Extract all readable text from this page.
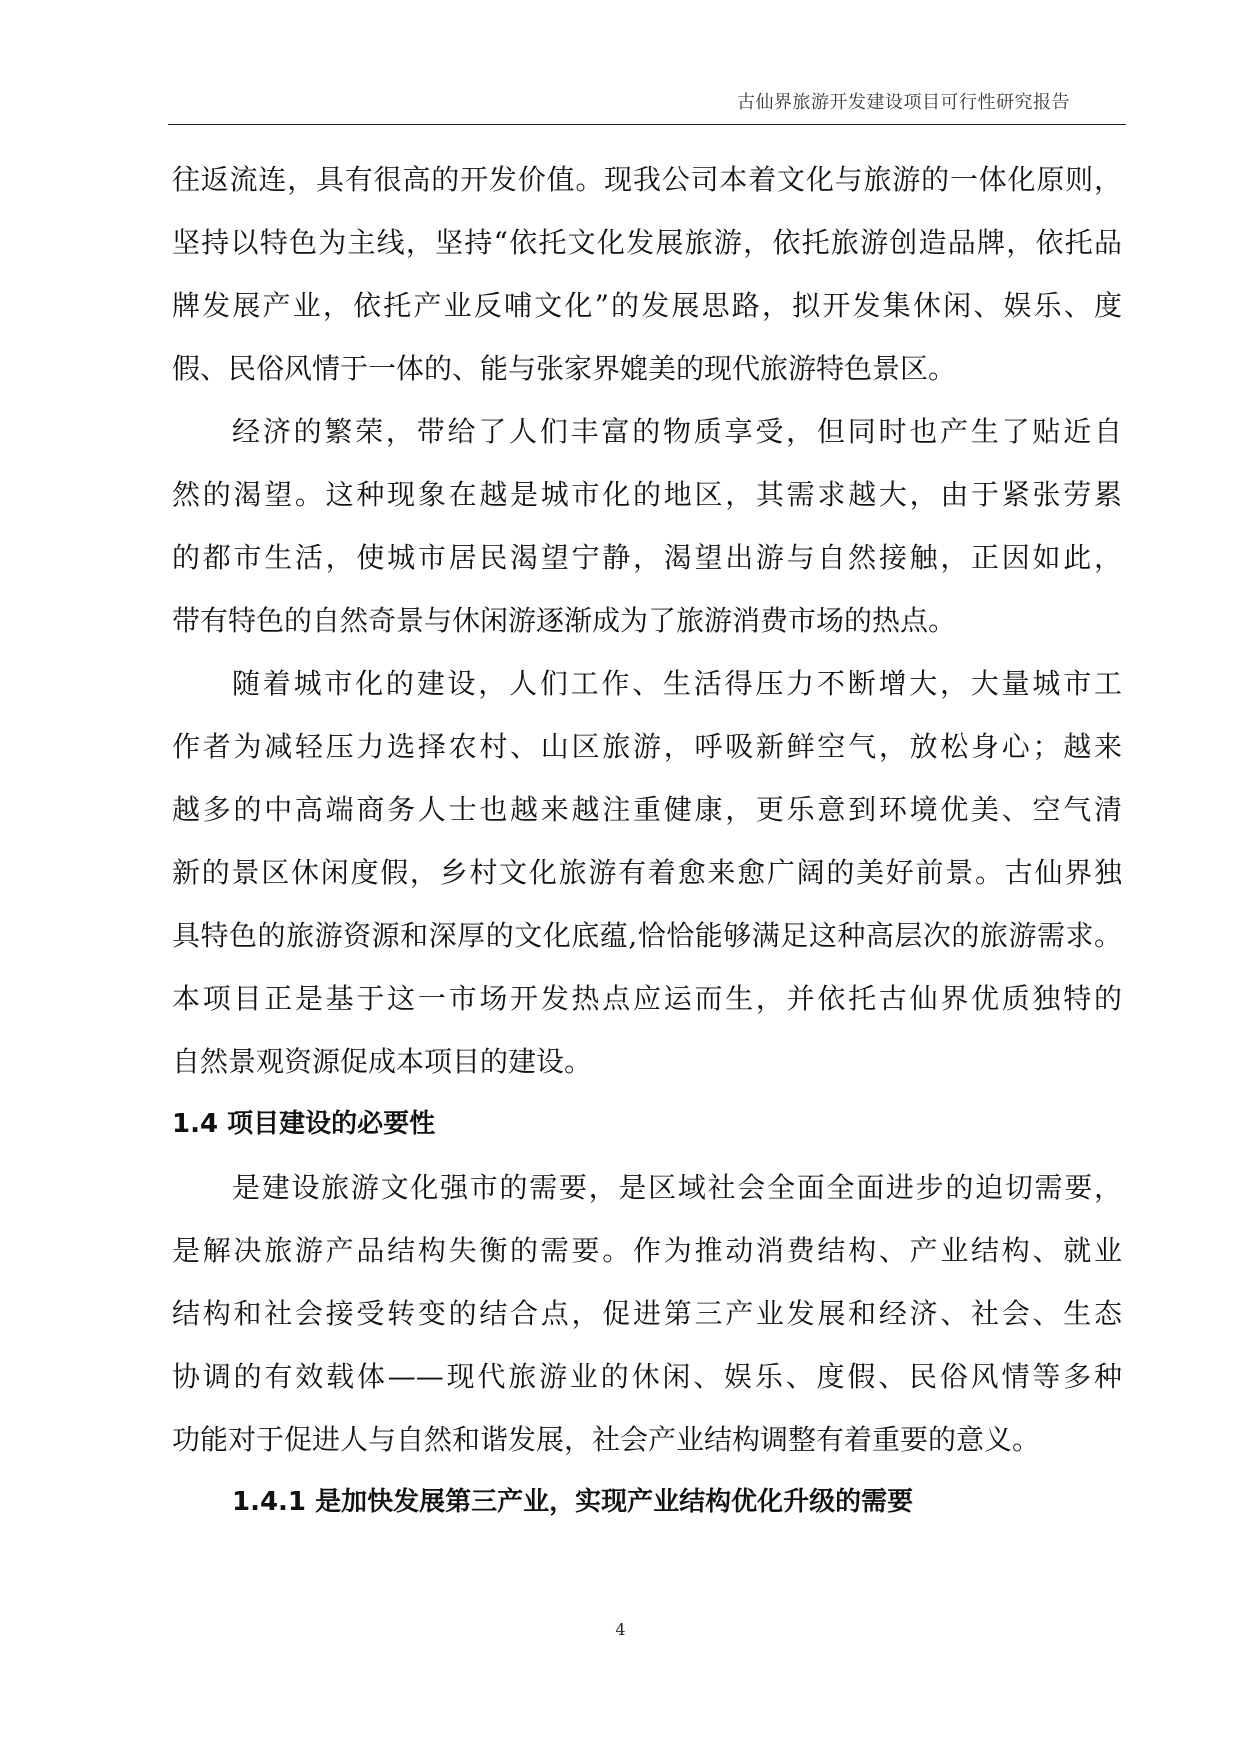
古仙界旅游开发建设项目可行性研究报告
往返流连，具有很高的开发价值。现我公司本着文化与旅游的一体化原则，
坚持以特色为主线，坚持“依托文化发展旅游，依托旅游创造品牌，依托品
牌发展产业，依托产业反哺文化”的发展思路，拟开发集休闲、娱乐、度
假、民俗风情于一体的、能与张家界媲美的现代旅游特色景区。
经济的繁荣，带给了人们丰富的物质享受，但同时也产生了贴近自
然的渴望。这种现象在越是城市化的地区，其需求越大，由于紧张劳累
的都市生活，使城市居民渴望宁静，渴望出游与自然接触，正因如此，
带有特色的自然奇景与休闲游逐渐成为了旅游消费市场的热点。
随着城市化的建设，人们工作、生活得压力不断增大，大量城市工
作者为减轻压力选择农村、山区旅游，呼吸新鲜空气，放松身心；越来
越多的中高端商务人士也越来越注重健康，更乐意到环境优美、空气清
新的景区休闲度假，乡村文化旅游有着愈来愈广阔的美好前景。古仙界独
具特色的旅游资源和深厚的文化底蕴,恰恰能够满足这种高层次的旅游需求。
本项目正是基于这一市场开发热点应运而生，并依托古仙界优质独特的
自然景观资源促成本项目的建设。
1.4 项目建设的必要性
是建设旅游文化强市的需要，是区域社会全面全面进步的迫切需要，
是解决旅游产品结构失衡的需要。作为推动消费结构、产业结构、就业
结构和社会接受转变的结合点，促进第三产业发展和经济、社会、生态
协调的有效载体——现代旅游业的休闲、娱乐、度假、民俗风情等多种
功能对于促进人与自然和谐发展，社会产业结构调整有着重要的意义。
1.4.1 是加快发展第三产业，实现产业结构优化升级的需要
4
